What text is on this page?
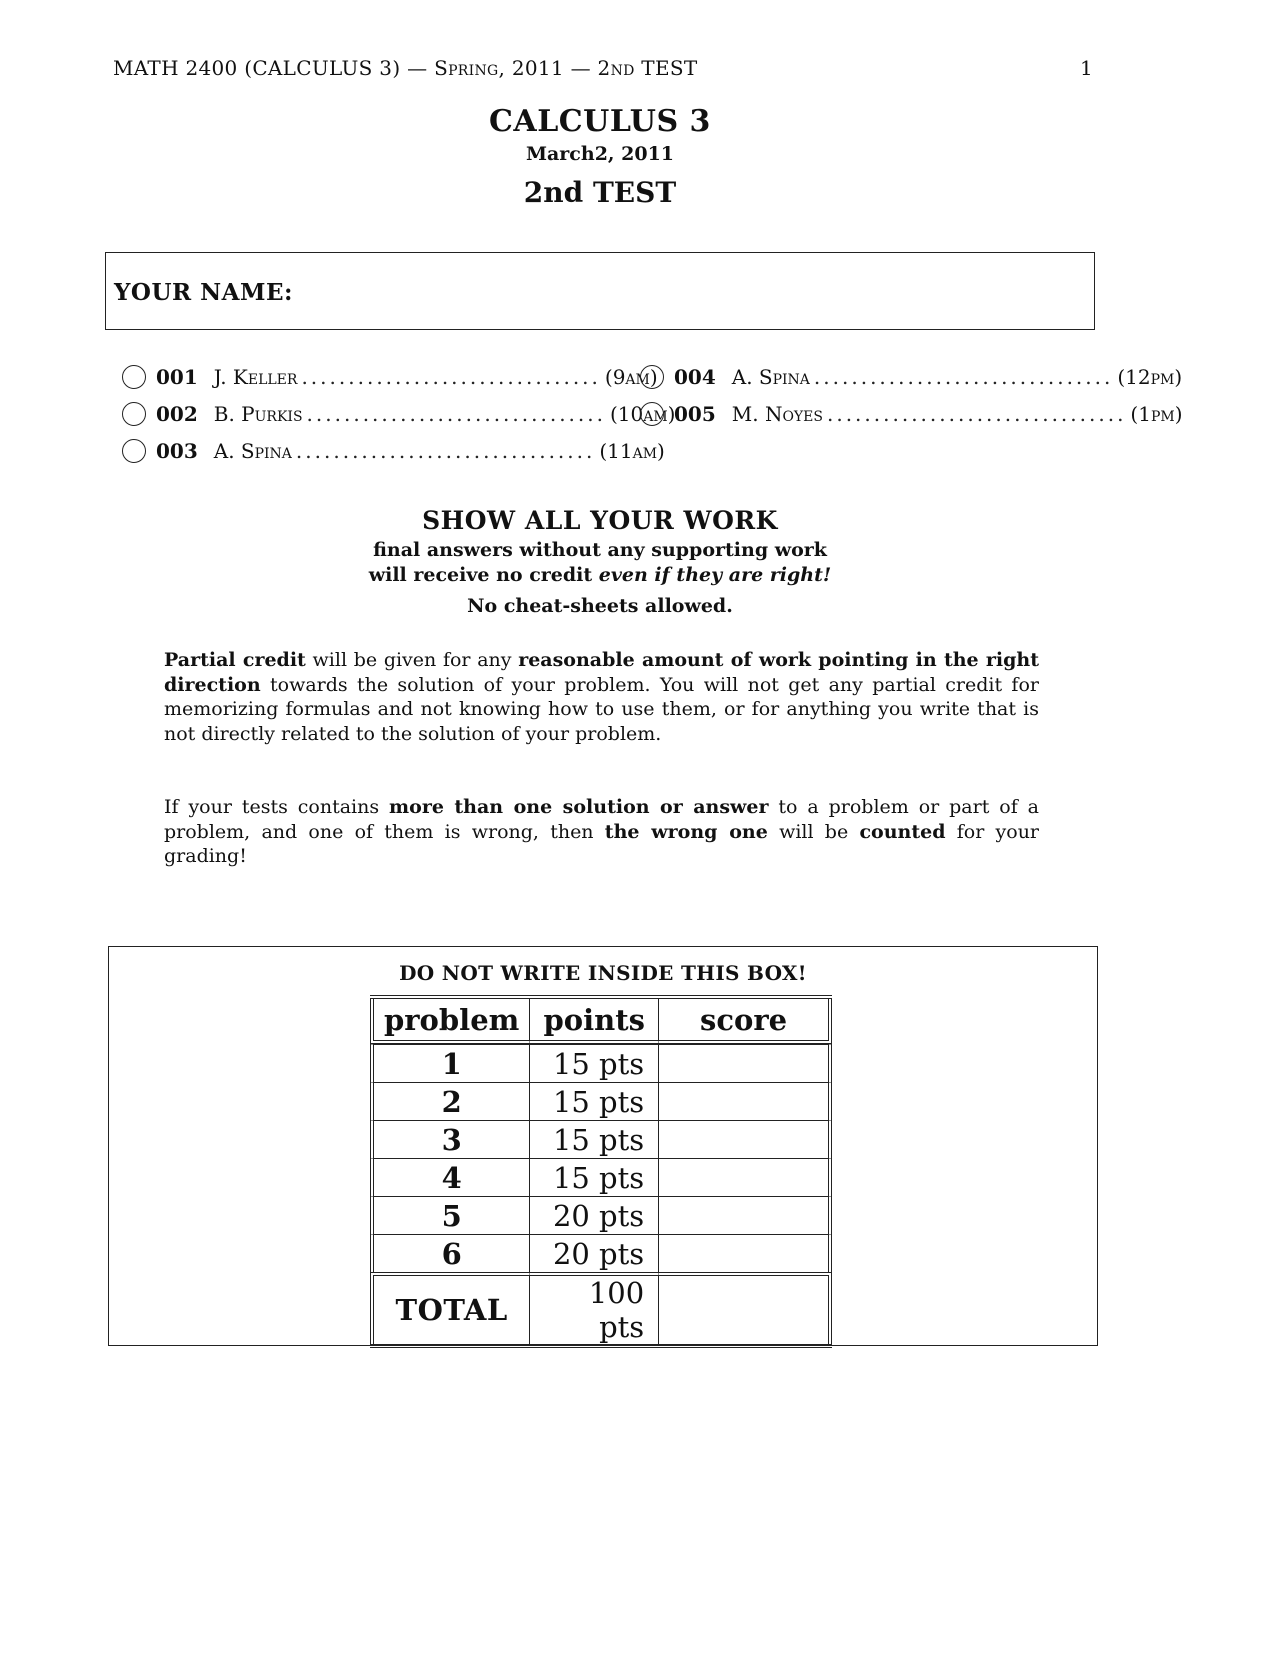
MATH 2400 (CALCULUS 3) — Spring, 2011 — 2nd TEST	1
CALCULUS 3
March2, 2011
2nd TEST
YOUR NAME:
001 J. Keller ................................ (9am)
002 B. Purkis ................................ (10am)
003 A. Spina ................................ (11am)
004 A. Spina ................................ (12pm)
005 M. Noyes ................................ (1pm)
SHOW ALL YOUR WORK
final answers without any supporting work
will receive no credit even if they are right!
No cheat-sheets allowed.
Partial credit will be given for any reasonable amount of work pointing in the right direction towards the solution of your problem. You will not get any partial credit for memorizing formulas and not knowing how to use them, or for anything you write that is not directly related to the solution of your problem.
If your tests contains more than one solution or answer to a problem or part of a problem, and one of them is wrong, then the wrong one will be counted for your grading!
DO NOT WRITE INSIDE THIS BOX!
problem	points	score
1	15 pts	
2	15 pts	
3	15 pts	
4	15 pts	
5	20 pts	
6	20 pts	
TOTAL	100 pts	
